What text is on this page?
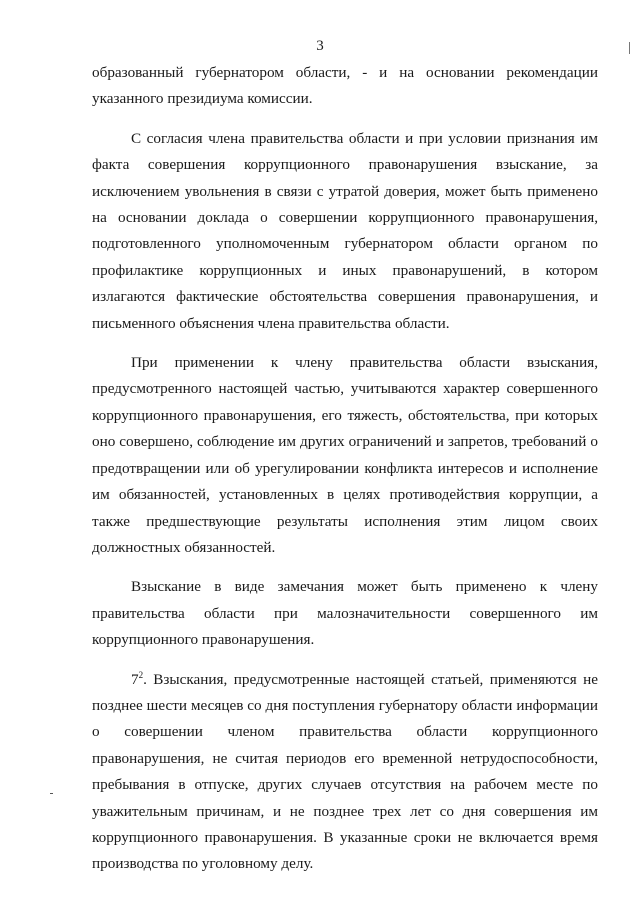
3

образованный губернатором области, - и на основании рекомендации указанного президиума комиссии.

С согласия члена правительства области и при условии признания им факта совершения коррупционного правонарушения взыскание, за исключением увольнения в связи с утратой доверия, может быть применено на основании доклада о совершении коррупционного правонарушения, подготовленного уполномоченным губернатором области органом по профилактике коррупционных и иных правонарушений, в котором излагаются фактические обстоятельства совершения правонарушения, и письменного объяснения члена правительства области.

При применении к члену правительства области взыскания, предусмотренного настоящей частью, учитываются характер совершенного коррупционного правонарушения, его тяжесть, обстоятельства, при которых оно совершено, соблюдение им других ограничений и запретов, требований о предотвращении или об урегулировании конфликта интересов и исполнение им обязанностей, установленных в целях противодействия коррупции, а также предшествующие результаты исполнения этим лицом своих должностных обязанностей.

Взыскание в виде замечания может быть применено к члену правительства области при малозначительности совершенного им коррупционного правонарушения.

$7^2$. Взыскания, предусмотренные настоящей статьей, применяются не позднее шести месяцев со дня поступления губернатору области информации о совершении членом правительства области коррупционного правонарушения, не считая периодов его временной нетрудоспособности, пребывания в отпуске, других случаев отсутствия на рабочем месте по уважительным причинам, и не позднее трех лет со дня совершения им коррупционного правонарушения. В указанные сроки не включается время производства по уголовному делу.
